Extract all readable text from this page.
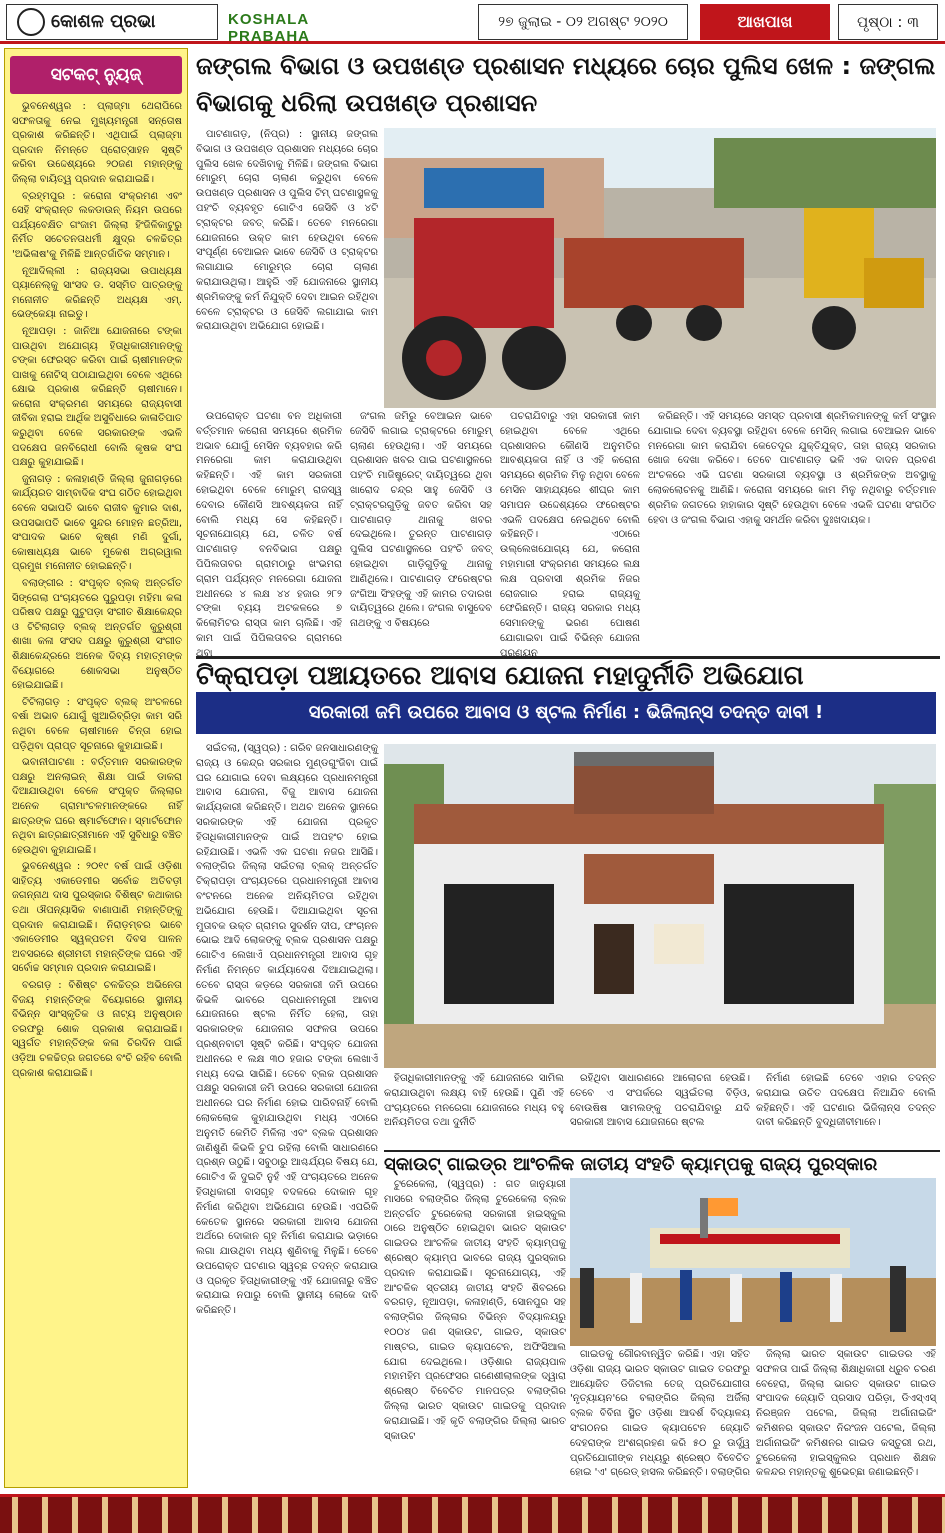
କୋଶଳ ପ୍ରଭା	KOSHALA PRABAHA
୨୭ ଜୁଲାଇ - ୦୨ ଅଗଷ୍ଟ ୨୦୨୦	ଆଖପାଖ	ପୃଷ୍ଠା : ୩
ସଟକଟ୍ ନ୍ୟୁଜ୍

ଭୁବନେଶ୍ୱର : ପ୍ଲାଜ୍ମା ଥେରାପିରେ ସଫଳତାକୁ ନେଇ ମୁଖ୍ୟମନ୍ତ୍ରୀ ସନ୍ତୋଷ ପ୍ରକାଶ କରିଛନ୍ତି। ଏଥିପାଇଁ ପ୍ଲାଜ୍ମା ପ୍ରଦାନ ନିମନ୍ତେ ପ୍ରୋତ୍ସାହନ ସୃଷ୍ଟି କରିବା ଉଦ୍ଦେଶ୍ୟରେ ୨୦ଜଣ ମହାନ୍ଙ୍କୁ ଜିଲ୍ଲା ବାୟିତ୍ୱ ପ୍ରଦାନ କରାଯାଇଛି।

ବ୍ରହ୍ମପୁର : କରୋନା ସଂକ୍ରମଣ ଏବଂ ସେହି ସଂକ୍ରାନ୍ତ ଲକଡାଉନ୍ ନିୟମ ଉପରେ ପର୍ଯ୍ୟବେକ୍ଷିତ ଗଂଜାମ ଜିଲ୍ଲା ହିଂଜିଳିକାଟୁରୁ ନିର୍ମିତ ସଚେତନତାଧର୍ମୀ କ୍ଷୁଦ୍ର ଚଳଚ୍ଚିତ୍ର 'ଅଭିଳାଷ'କୁ ମିଳିଛି ଆନ୍ତର୍ଜାତିକ ସମ୍ମାନ।

ନୂଆଦିଲ୍ଲୀ : ରାଜ୍ୟସଭା ଉପାଧ୍ୟକ୍ଷ ପ୍ୟାନେଲ୍‌କୁ ସାଂସଦ ଡ. ସସ୍ମିତ ପାତ୍ରଙ୍କୁ ମନୋନୀତ କରିଛନ୍ତି ଅଧ୍ୟକ୍ଷ ଏମ୍. ଭେଙ୍କେୟା ନାଇଡୁ।

ନୂଆପଡ଼ା : ଜାନିଆ ଯୋଜନାରେ ଟଙ୍କା ପାଉଥିବା ଅଯୋଗ୍ୟ ହିତାଧିକାରୀମାନଙ୍କୁ ଟଙ୍କା ଫେରସ୍ତ କରିବା ପାଇଁ ଚାଷୀମାନଙ୍କ ପାଖକୁ ନୋଟିସ୍ ପଠାଯାଇଥିବା ବେଳେ ଏଥିରେ କ୍ଷୋଭ ପ୍ରକାଶ କରିଛନ୍ତି ଚାଷୀମାନେ। କରୋନା ସଂକ୍ରମଣ ସମୟରେ ରାଜ୍ୟବାସୀ ଜୀବିକା ହରାଇ ଆର୍ଥିକ ଅସୁବିଧାରେ କାଳାତିପାତ କରୁଥିବା ବେଳେ ସରକାରଙ୍କ ଏଭଳି ପଦକ୍ଷେପ ଜନବିରୋଧୀ ବୋଲି କୃଷକ ସଂଘ ପକ୍ଷରୁ କୁହାଯାଇଛି।

ଜୁନାଗଡ଼ : କଳାହାଣ୍ଡି ଜିଲ୍ଲା ଜୁନାଗଡ଼ରେ କାର୍ଯ୍ୟରତ ସାମ୍ବାଦିକ ସଂଘ ଗଠିତ ହୋଇଥିବା ବେଳେ ସଭାପତି ଭାବେ ରାଜୀବ କୁମାର ଦାଶ, ଉପସଭାପତି ଭାବେ ସୁନ୍ଦର ମୋହନ ଛତ୍ରିଆ, ସଂପାଦକ ଭାବେ କୃଷ୍ଣ ମଣି ଦୁର୍ଗା, କୋଷାଧ୍ୟକ୍ଷ ଭାବେ ମୁକେଶ ଅଗ୍ରୱାଲ ପ୍ରମୁଖ ମନୋନୀତ ହୋଇଛନ୍ତି।

ବଲାଙ୍ଗୀର : ସଂପୃକ୍ତ ବ୍ଲକ୍ ଅନ୍ତର୍ଗତ ସିଙ୍ଗେଲା ପଂଚାୟତରେ ପୁରୁପଡ଼ା ମହିମା କଳା ପରିଷଦ ପକ୍ଷରୁ ପୁଟୁପଡ଼ା ସଂଗୀତ ଶିକ୍ଷାକେନ୍ଦ୍ର ଓ ଟିଟିଲାଗଡ଼ ବ୍ଲକ୍ ଅନ୍ତର୍ଗତ କୁରୁଶ୍ରୀ ଶାଖା କଳା ସଂସଦ ପକ୍ଷରୁ କୁରୁଶ୍ରୀ ସଂଗୀତ ଶିକ୍ଷାକେନ୍ଦ୍ରରେ ଅନେକ ଦିବ୍ୟ ମହାତ୍ମଙ୍କ ବିୟୋଗରେ ଶୋକସଭା ଅନୁଷ୍ଠିତ ହୋଇଯାଇଛି।

ଟିଟିଲାଗଡ଼ : ସଂପୃକ୍ତ ବ୍ଲକ୍ ଅଂଚଳରେ ବର୍ଷା ଅଭାବ ଯୋଗୁଁ ଖୁଆରିବ୍ରିଡ଼ା କାମ ସରି ନଥିବା ବେଳେ ଚାଷୀମାନେ ଚିନ୍ତା ହୋଇ ପଡ଼ିଥିବା ପ୍ରାପ୍ତ ସୂଚନାରେ କୁହାଯାଇଛି।

ଭବାନୀପାଟଣା : ବର୍ତ୍ତମାନ ସରକାରଙ୍କ ପକ୍ଷରୁ ଅନଲାଇନ୍ ଶିକ୍ଷା ପାଇଁ ଡାକରା ଦିଆଯାଉଥିବା ବେଳେ ସଂପୃକ୍ତ ଜିଲ୍ଲାର ଅନେକ ଗ୍ରାମାଂଚଳମାନଙ୍କରେ ନାହିଁ ଛାତ୍ରଙ୍କ ଘରେ ଷ୍ମାର୍ଟଫୋନ। ସ୍ମାର୍ଟଫୋନ ନଥିବା ଛାତ୍ରଛାତ୍ରୀମାନେ ଏହି ସୁବିଧାରୁ ବଞ୍ଚିତ ହେଉଥିବା କୁହାଯାଇଛି।

ଭୁବନେଶ୍ୱର : ୨୦୧୯ ବର୍ଷ ପାଇଁ ଓଡ଼ିଶା ସାହିତ୍ୟ ଏକାଡେମୀର ସର୍ବୋଚ୍ଚ ଅତିବଡ଼ୀ ଜଗନ୍ନାଥ ଦାସ ପୁରସ୍କାର ବିଶିଷ୍ଟ କଥାକାର ତଥା ଔପନ୍ୟାସିକ ବାଣାପାଣି ମହାନ୍ତିଙ୍କୁ ପ୍ରଦାନ କରାଯାଇଛି। ନିରାଡ଼ମ୍ବର ଭାବେ ଏକାଡେମୀର ସ୍ୱଳ୍ପତମ ଦିବସ ପାଳନ ଅବସରରେ ଶ୍ରୀମତୀ ମହାନ୍ତିଙ୍କ ଘରେ ଏହି ସର୍ବୋଚ୍ଚ ସମ୍ମାନ ପ୍ରଦାନ କରାଯାଇଛି।

ବରଗଡ଼ : ବିଶିଷ୍ଟ ଚଳଚ୍ଚିତ୍ର ଅଭିନେତା ବିଜୟ ମହାନ୍ତିଙ୍କ ବିୟୋଗରେ ସ୍ଥାନୀୟ ବିଭିନ୍ନ ସାଂସ୍କୃତିକ ଓ ନାଟ୍ୟ ଅନୁଷ୍ଠାନ ତରଫରୁ ଶୋକ ପ୍ରକାଶ କରାଯାଇଛି। ସ୍ୱର୍ଗତ ମହାନ୍ତିଙ୍କ କଳା ଚିରଦିନ ପାଇଁ ଓଡ଼ିଆ ଚଳଚ୍ଚିତ୍ର ଜଗତରେ ବଂଚି ରହିବ ବୋଲି ପ୍ରକାଶ କରାଯାଇଛି।

ଜଙ୍ଗଲ ବିଭାଗ ଓ ଉପଖଣ୍ଡ ପ୍ରଶାସନ ମଧ୍ୟରେ ଚୋର ପୁଲିସ ଖେଳ : ଜଙ୍ଗଲ ବିଭାଗକୁ ଧରିଲା ଉପଖଣ୍ଡ ପ୍ରଶାସନ

ପାଟଣାଗଡ଼, (ନିପ୍ର) : ସ୍ଥାନୀୟ ଜଙ୍ଗଲ ବିଭାଗ ଓ ଉପଖଣ୍ଡ ପ୍ରଶାସନ ମଧ୍ୟରେ ଚୋର ପୁଲିସ ଖେଳ ଦେଖିବାକୁ ମିଳିଛି। ଜଙ୍ଗଲ ବିଭାଗ ମୋରୁମ୍ ଚୋରା ଚାଲାଣ କରୁଥିବା ବେଳେ ଉପଖଣ୍ଡ ପ୍ରଶାସନ ଓ ପୁଲିସ ଟିମ୍ ଘଟଣାସ୍ଥଳକୁ ପହଂଚି ବ୍ୟବହୃତ ଗୋଟିଏ ଜେସିବି ଓ ୪ଟି ଟ୍ରାକ୍ଟର ଜବତ୍ କରିଛି। ତେବେ ମନରେଗା ଯୋଜନାରେ ଉକ୍ତ କାମ ହେଉଥିବା ବେଳେ ସଂପୂର୍ଣ୍ଣ ବେଆଇନ ଭାବେ ଜେସିବି ଓ ଟ୍ରାକ୍ଟର ଲଗାଯାଇ ମୋରୁମ୍ର ଚୋରା ଚାଲାଣ କରାଯାଉଥିଲା। ଆହୁରି ଏହି ଯୋଜନାରେ ସ୍ଥାନୀୟ ଶ୍ରମିକଙ୍କୁ କର୍ମ ନିଯୁକ୍ତି ଦେବା ଆଇନ ରହିଥିବା ବେଳେ ଟ୍ରାକ୍ଟର ଓ ଜେସିବି ଲଗାଯାଇ କାମ କରାଯାଉଥିବା ଅଭିଯୋଗ ହୋଇଛି।

ଉପରୋକ୍ତ ଘଟଣା ବନ ଅଧିକାରୀ ବର୍ତ୍ତମାନ କରୋନା ସମୟରେ ଶ୍ରମିକ ଅଭାବ ଯୋଗୁଁ ମେସିନ ବ୍ୟବହାର କରି ମନରେଗା କାମ କରାଯାଉଥିବା କହିଛନ୍ତି। ଏହି କାମ ସରକାରୀ ହୋଇଥିବା ବେଳେ ମୋରୁମ୍ ରାଜସ୍ୱ ଦେବାର କୌଣସି ଆବଶ୍ୟକତା ନାହିଁ ବୋଲି ମଧ୍ୟ ସେ କହିଛନ୍ତି। ସୂଚନାଯୋଗ୍ୟ ଯେ, ଚଳିତ ବର୍ଷ ପାଟଣାଗଡ଼ ବନବିଭାଗ ପକ୍ଷରୁ ପିପିଲତାବର ଗ୍ରାମଠାରୁ ଖଂଭମରା ଗ୍ରାମ ପର୍ଯ୍ୟନ୍ତ ମନରେଗା ଯୋଜନା ଅଧୀନରେ ୪ ଲକ୍ଷ ୪୪ ହଜାର ୨୮୨ ଟଙ୍କା ବ୍ୟୟ ଅଟକଳରେ ୭ କିଲୋମିଟର ରାସ୍ତା କାମ ଚାଲିଛି। ଏହି କାମ ପାଇଁ ପିପିଲତାବର ଗ୍ରାମରେ ଥିବା

ଜଂଗଲ ଜମିରୁ ବେଆଇନ ଭାବେ ଜେସିବି ଲଗାଇ ଟ୍ରାକ୍ଟରେ ମୋରୁମ୍ ଚାଲାଣ ହେଉଥିଲା। ଏହି ସମୟରେ ପ୍ରଶାସନ ଖବର ପାଇ ଘଟଣାସ୍ଥଳରେ ପହଂଚି ମାଜିଷ୍ଟ୍ରେଟ୍ ଦାୟିତ୍ୱରେ ଥିବା ଖାରୋଦ ଚନ୍ଦ୍ର ସାହୁ ଜେସିବି ଓ ଟ୍ରାକ୍ଟରଗୁଡ଼ିକୁ ଜବତ କରିବା ସହ ପାଟଣାଗଡ଼ ଥାନାକୁ ଖବର ଦେଇଥିଲେ। ତୁରନ୍ତ ପାଟଣାଗଡ଼ ପୁଲିସ ଘଟଣାସ୍ଥଳରେ ପହଂଚି ଜବତ୍ ହୋଇଥିବା ଗାଡ଼ିଗୁଡ଼ିକୁ ଥାନାକୁ ଆଣିଥିଲେ। ପାଟଣାଗଡ଼ ଫରେଷ୍ଟର ଜଂଗିଆ ସିଂହଙ୍କୁ ଏହି କାମର ତଦାରଖ ଦାୟିତ୍ୱରେ ଥିଲେ। ଜଂଗଲ ବାସୁଦେବ ନାଥଙ୍କୁ ଏ ବିଷୟରେ

ପଚରାଯିବାରୁ ଏହା ସରକାରୀ କାମ ହୋଇଥିବା ବେଳେ ଏଥିରେ ପ୍ରଶାସନର କୌଣସି ଅନୁମତିର ଆବଶ୍ୟକତା ନାହିଁ ଓ ଏହି କରୋନା ସମୟରେ ଶ୍ରମିକ ମିଳୁ ନଥିବା ବେଳେ ମେସିନ ସାହାଯ୍ୟରେ ଶୀଘ୍ର କାମ ସମାପନ ଉଦ୍ଦେଶ୍ୟରେ ଫରେଷ୍ଟର ଏଭଳି ପଦକ୍ଷେପ ନେଇଥିବେ ବୋଲି କହିଛନ୍ତି। ଏଠାରେ ଉଲ୍ଲେଖଯୋଗ୍ୟ ଯେ, କରୋନା ମହାମାରୀ ସଂକ୍ରମଣ ସମୟରେ ଲକ୍ଷ ଲକ୍ଷ ପ୍ରବାସୀ ଶ୍ରମିକ ନିଜର ରୋଜଗାର ହରାଇ ରାଜ୍ୟକୁ ଫେରିଛନ୍ତି। ରାଜ୍ୟ ସରକାର ମଧ୍ୟ ସେମାନଙ୍କୁ ଭରଣ ପୋଷଣ ଯୋଗାଇବା ପାଇଁ ବିଭିନ୍ନ ଯୋଜନା ପ୍ରଣୟନ

କରିଛନ୍ତି। ଏହି ସମୟରେ ସମସ୍ତ ପ୍ରବାସୀ ଶ୍ରମିକମାନଙ୍କୁ କର୍ମ ସଂସ୍ଥାନ ଯୋଗାଇ ଦେବା ବ୍ୟବସ୍ଥା ରହିଥିବା ବେଳେ ମେସିନ୍ ଲଗାଇ ବେଆଇନ ଭାବେ ମନରେଗା କାମ କରାଯିବା କେତେଦୂର ଯୁକ୍ତିଯୁକ୍ତ, ତାହା ରାଜ୍ୟ ସରକାର ଖୋଜ ଦେଖା କରିବେ। ତେବେ ପାଟଣାଗଡ଼ ଭଳି ଏକ ଦାଦନ ପ୍ରବଣ ଅଂଚଳରେ ଏଭି ଘଟଣା ସରକାରୀ ବ୍ୟବସ୍ଥା ଓ ଶ୍ରମିକଙ୍କ ଅବସ୍ଥାକୁ ଲୋକଲୋଚନକୁ ଆଣିଛି। କରୋନା ସମୟରେ କାମ ମିଳୁ ନଥିବାରୁ ବର୍ତ୍ତମାନ ଶ୍ରମିକ ଜଗତରେ ହାହାକାର ସୃଷ୍ଟି ହେଉଥିବା ବେଳେ ଏଭଳି ଘଟଣା ସଂଗଠିତ ହେବା ଓ ଜଂଗଲ ବିଭାଗ ଏହାକୁ ସମର୍ଥନ କରିବା ଦୁଃଖଦାୟକ।

ଟିକ୍ରାପଡ଼ା ପଞ୍ଚାୟତରେ ଆବାସ ଯୋଜନା ମହାଦୁର୍ନୀତି ଅଭିଯୋଗ
ସରକାରୀ ଜମି ଉପରେ ଆବାସ ଓ ଷ୍ଟଲ ନିର୍ମାଣ : ଭିଜିଲାନ୍ସ ତଦନ୍ତ ଦାବୀ !

ସଇଁତଲା, (ସ୍ୱପ୍ର) : ଗରିବ ଜନସାଧାରଣଙ୍କୁ ରାଜ୍ୟ ଓ କେନ୍ଦ୍ର ସରକାର ମୁଣ୍ଡଗୁଂଜିବା ପାଇଁ ଘର ଯୋଗାଇ ଦେବା ଲକ୍ଷ୍ୟରେ ପ୍ରଧାନମନ୍ତ୍ରୀ ଆବାସ ଯୋଜନା, ବିଜୁ ଆବାସ ଯୋଜନା କାର୍ଯ୍ୟକାରୀ କରିଛନ୍ତି। ଅଥଚ ଅନେକ ସ୍ଥାନରେ ସରକାରଙ୍କ ଏହି ଯୋଜନା ପ୍ରକୃତ ହିତାଧିକାରୀମାନଙ୍କ ପାଇଁ ଅପହଂଚ ହୋଇ ରହିଯାଉଛି। ଏଭଳି ଏକ ଘଟଣା ନଜର ଆସିଛି। ବଲାଙ୍ଗିର ଜିଲ୍ଲା ସଇଁତଲା ବ୍ଲକ୍ ଅନ୍ତର୍ଗତ ଟିକ୍ରାପଡ଼ା ପଂଚାୟତରେ ପ୍ରଧାନମନ୍ତ୍ରୀ ଆବାସ ବଂଟନରେ ଅନେକ ଅନିୟମିତତା ରହିଥିବା ଅଭିଯୋଗ ହେଉଛି। ଦିଆଯାଇଥିବା ସୂଚନା ମୁତାବକ ଉକ୍ତ ଗ୍ରାମର ସୁଦର୍ଶନ ଦୀପ, ଫଂଚାନନ ଭୋଇ ଆଦି ଲୋକଙ୍କୁ ବ୍ଲକ ପ୍ରଶାସନ ପକ୍ଷରୁ ଗୋଟିଏ ଲେଖାଏଁ ପ୍ରଧାନମନ୍ତ୍ରୀ ଆବାସ ଗୃହ ନିର୍ମାଣ ନିମନ୍ତେ କାର୍ଯ୍ୟାଦେଶ ଦିଆଯାଇଥିଲା। ତେବେ ରାସ୍ତା କଡ଼ରେ ସରକାରୀ ଜମି ଉପରେ କିଭଳି ଭାବରେ ପ୍ରଧାନମନ୍ତ୍ରୀ ଆବାସ ଯୋଜନାରେ ଷ୍ଟଲ ନିର୍ମିତ ହେଲା, ତାହା ସରକାରଙ୍କ ଯୋଜନାର ସଫଳତା ଉପରେ ପ୍ରଶ୍ନବାଚୀ ସୃଷ୍ଟି କରିଛି। ସଂପୃକ୍ତ ଯୋଜନା ଅଧୀନରେ ୧ ଲକ୍ଷ ୩୦ ହଜାର ଟଙ୍କା ଲେଖାଏଁ ମଧ୍ୟ ଦେଇ ସାରିଛି। ତେବେ ବ୍ଲକ ପ୍ରଶାସନ ପକ୍ଷରୁ ସରକାରୀ ଜମି ଉପରେ ସରକାରୀ ଯୋଜନା ଅଧୀନରେ ଘର ନିର୍ମାଣ ହୋଇ ପାରିବନାହିଁ ବୋଲି ଲୋକଲୋକ କୁହାଯାଉଥିବା ମଧ୍ୟ ଏଠାରେ ଅନୁମତି କେମିତି ମିଳିଲା ଏବଂ ବ୍ଲକ ପ୍ରଶାସନ ଜାଣିଶୁଣି କିଭଳି ଚୁପ ରହିଲା ବୋଲି ସାଧାରଣରେ ପ୍ରଶ୍ନ ଉଠୁଛି। ସବୁଠାରୁ ଆଶ୍ଚର୍ଯ୍ୟର ବିଷୟ ଯେ, ଗୋଟିଏ କି ଦୁଇଟି ନୁହଁ ଏହି ପଂଚାୟତରେ ଅନେକ ହିତାଧିକାରୀ ବାସଗୃହ ବଦଳରେ ଦୋକାନ ଗୃହ ନିର୍ମାଣ କରିଥିବା ଅଭିଯୋଗ ହେଉଛି। ଏପରିକି କେତେକ ସ୍ଥାନରେ ସରକାରୀ ଆବାସ ଯୋଜନା ଅର୍ଥରେ ଦୋକାନ ଗୃହ ନିର୍ମାଣ କରାଯାଇ ଭଡ଼ାରେ ଲଗା ଯାଉଥିବା ମଧ୍ୟ ଶୁଣିବାକୁ ମିଳୁଛି। ତେବେ ଉପରୋକ୍ତ ଘଟଣାର ସ୍ୱଚ୍ଛ ତଦନ୍ତ କରାଯାଉ ଓ ପ୍ରକୃତ ହିତାଧିକାରୀଙ୍କୁ ଏହି ଯୋଜନାରୁ ବଞ୍ଚିତ କରାଯାଇ ନପାରୁ ବୋଲି ସ୍ଥାନୀୟ ଲୋକେ ଦାବି କରିଛନ୍ତି।

ହିତାଧିକାରୀମାନଙ୍କୁ ଏହି ଯୋଜନାରେ ସାମିଲ କରାଯାଉଥିବା ଲକ୍ଷ୍ୟ ବାହି ହେଉଛି। ପୁଣି ଏହି ପଂଚାୟତରେ ମନରେଗା ଯୋଜନାରେ ମଧ୍ୟ ବହୁ ଅନିୟମିତତା ତଥା ଦୁର୍ନୀତି

ରହିଥିବା ସାଧାରଣରେ ଆଲୋଚନା ହେଉଛି। ତେବେ ଏ ସଂପର୍କରେ ସ୍ୱଇଁତଲା ବିଡ଼ିଓ, ବୋଉଷିଷ ସାମଲଙ୍କୁ ପଚରାଯିବାରୁ ଯଦି ସରକାରୀ ଆବାସ ଯୋଜନାରେ ଷ୍ଟଲ

ନିର୍ମାଣ ହୋଇଛି ତେବେ ଏହାର ତଦନ୍ତ କରାଯାଇ ଉଚିତ ପଦକ୍ଷେପ ନିଆଯିବ ବୋଲି କହିଛନ୍ତି। ଏହି ଘଟଣାର ଭିଜିଲାନ୍ସ ତଦନ୍ତ ଦାବୀ କରିଛନ୍ତି ବୁଦ୍ଧିଜୀବୀମାନେ।

ସ୍କାଉଟ୍ ଗାଇଡ୍‌ର ଆଂଚଳିକ ଜାତୀୟ ସଂହତି କ୍ୟାମ୍ପକୁ ରାଜ୍ୟ ପୁରସ୍କାର

ଟୁରେକେଲା, (ସ୍ୱପ୍ର) : ଗତ ଜାନୁୟାରୀ ମାସରେ ବଲାଙ୍ଗିର ଜିଲ୍ଲା ଟୁରେକେଲା ବ୍ଲକ ଅନ୍ତର୍ଗତ ଟୁରେକେଲା ସରକାରୀ ହାଇସ୍କୁଲ ଠାରେ ଅନୁଷ୍ଠିତ ହୋଇଥିବା ଭାରତ ସ୍କାଉଟ ଗାଇଡର ଆଂଚଳିକ ଜାତୀୟ ସଂହତି କ୍ୟାମ୍ପକୁ ଶ୍ରେଷ୍ଠ କ୍ୟାମ୍ପ ଭାବରେ ରାଜ୍ୟ ପୁରସ୍କାର ପ୍ରଦାନ କରାଯାଇଛି। ସୂଚନାଯୋଗ୍ୟ, ଏହି ଆଂଚଳିକ ସ୍ତରୀୟ ଜାତୀୟ ସଂହତି ଶିବରରେ ବରଗଡ଼, ନୂଆପଡ଼ା, କଳାହାଣ୍ଡି, ସୋନପୁର ସହ ବଲାଙ୍ଗିର ଜିଲ୍ଲାର ବିଭିନ୍ନ ବିଦ୍ୟାଳୟରୁ ୧୦୦୪ ଜଣ ସ୍କାଉଟ, ଗାଇଡ, ସ୍କାଉଟ ମାଷ୍ଟର, ଗାଇଡ କ୍ୟାପଟେନ, ଅଫିସିଆଲ ଯୋଗ ଦେଇଥିଲେ। ଓଡ଼ିଶାର ରାଜ୍ୟପାଳ ମହାମହିମ ପ୍ରଫେସର ଗଣେଶୀଲାଲଙ୍କ ଦ୍ୱାରା ଶ୍ରେଷ୍ଠ ବିବେଚିତ ମାନପତ୍ର ବଲାଙ୍ଗିର ଜିଲ୍ଲା ଭାରତ ସ୍କାଉଟ ଗାଇଡକୁ ପ୍ରଦାନ କରାଯାଇଛି। ଏହି କୃତି ବଲାଙ୍ଗିର ଜିଲ୍ଲା ଭାରତ ସ୍କାଉଟ

ଗାଇଡକୁ ଗୌରବାନ୍ୱିତ କରିଛି। ଏହା ସହିତ ଓଡ଼ିଶା ରାଜ୍ୟ ଭାରତ ସ୍କାଉଟ ଗାଇଡ ତରଫରୁ ଆୟୋଜିତ ଡିଜିଟାଲ ତେଜ୍ ପ୍ରତିଯୋଗୀତା 'ନୃତ୍ୟାୟନ'ରେ ବଲାଙ୍ଗିର ଜିଲ୍ଲା ଅର୍ଜିଲା ବ୍ଲକ ବିବିନା ସ୍ଥିତ ଓଡ଼ିଶା ଆଦର୍ଶ ବିଦ୍ୟାଳୟ ସଂଗଠନର ଗାଇଡ କ୍ୟାପଟେନ ଜ୍ୟୋତି ଦେହରାଙ୍କ ଅଂଶଗ୍ରହଣ କରି ୫୦ ରୁ ଊର୍ଦ୍ଧ୍ୱ ପ୍ରତିଯୋଗୀଙ୍କ ମଧ୍ୟରୁ ଶ୍ରେଷ୍ଠ ବିବେଚିତ ହୋଇ 'ଏ' ଗ୍ରେଡ୍ ହାସଲ କରିଛନ୍ତି। ବଲାଙ୍ଗିର

ଜିଲ୍ଲା ଭାରତ ସ୍କାଉଟ ଗାଇଡର ଏହି ସଫଳତା ପାଇଁ ଜିଲ୍ଲା ଶିକ୍ଷାଧିକାରୀ ଧ୍ରୁବ ଚରଣ ବେହେରା, ଜିଲ୍ଲା ଭାରତ ସ୍କାଉଟ ଗାଇଡ ସଂପାଦକ ଜ୍ୟୋତି ପ୍ରସାଦ ପରିଡ଼ା, ଡିଏସ୍‌ଏସ୍ ନିରଞ୍ଜନ ପଟେଲ, ଜିଲ୍ଲା ଅର୍ଗାନାଇଜିଂ କମିଶନର ସ୍କାଉଟ ନିରଂଜନ ପଟେଲ, ଜିଲ୍ଲା ଅର୍ଗାନାଇଜିଂ କମିଶନର ଗାଇଡ କସ୍ତୁରୀ ରଥ, ଟୁରେକେଲା ହାଇସ୍କୁଲର ପ୍ରଧାନ ଶିକ୍ଷକ କଳନ୍ଦର ମହାନ୍ତକୁ ଶୁଭେଚ୍ଛା ଜଣାଇଛନ୍ତି।
